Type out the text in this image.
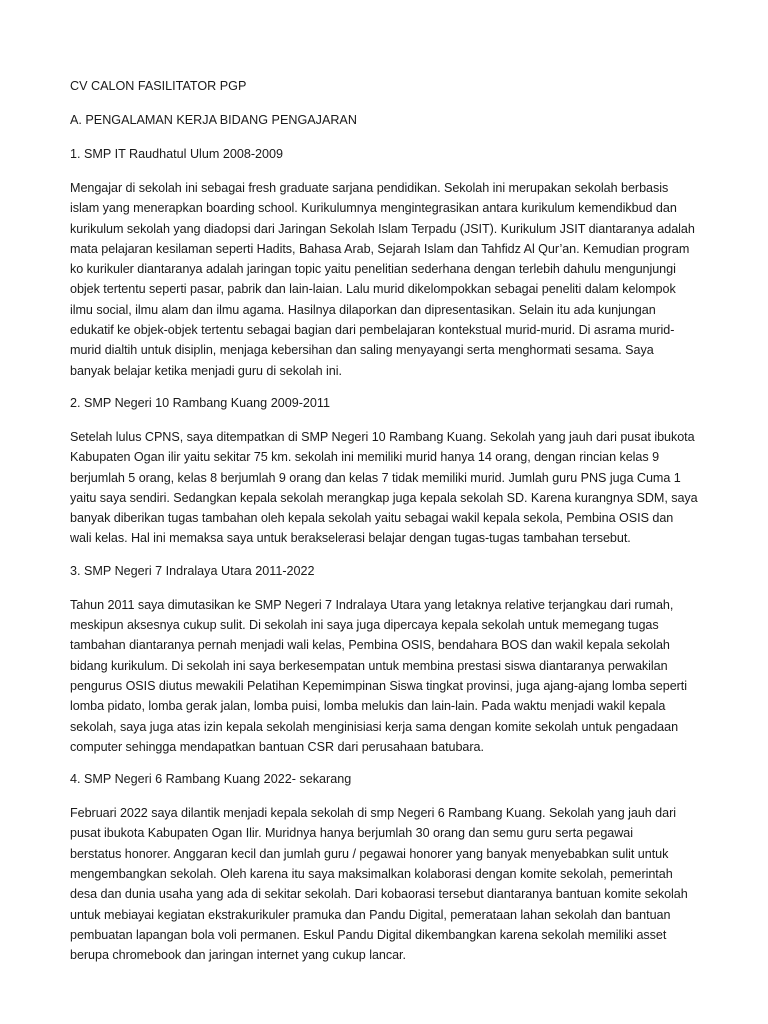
CV CALON FASILITATOR PGP

A. PENGALAMAN KERJA BIDANG PENGAJARAN

1. SMP IT Raudhatul Ulum 2008-2009

Mengajar di sekolah ini sebagai fresh graduate sarjana pendidikan. Sekolah ini merupakan sekolah berbasis

islam yang menerapkan boarding school. Kurikulumnya mengintegrasikan antara kurikulum kemendikbud dan

kurikulum sekolah yang diadopsi dari Jaringan Sekolah Islam Terpadu (JSIT). Kurikulum JSIT diantaranya adalah

mata pelajaran kesilaman seperti Hadits, Bahasa Arab, Sejarah Islam dan Tahfidz Al Qur’an. Kemudian program

ko kurikuler diantaranya adalah jaringan topic yaitu penelitian sederhana dengan terlebih dahulu mengunjungi

objek tertentu seperti pasar, pabrik dan lain-laian. Lalu murid dikelompokkan sebagai peneliti dalam kelompok

ilmu social, ilmu alam dan ilmu agama. Hasilnya dilaporkan dan dipresentasikan. Selain itu ada kunjungan

edukatif ke objek-objek tertentu sebagai bagian dari pembelajaran kontekstual murid-murid. Di asrama murid-

murid dialtih untuk disiplin, menjaga kebersihan dan saling menyayangi serta menghormati sesama. Saya

banyak belajar ketika menjadi guru di sekolah ini.

2. SMP Negeri 10 Rambang Kuang 2009-2011

Setelah lulus CPNS, saya ditempatkan di SMP Negeri 10 Rambang Kuang. Sekolah yang jauh dari pusat ibukota

Kabupaten Ogan ilir yaitu sekitar 75 km. sekolah ini memiliki murid hanya 14 orang, dengan rincian kelas 9

berjumlah 5 orang, kelas 8 berjumlah 9 orang dan kelas 7 tidak memiliki murid. Jumlah guru PNS juga Cuma 1

yaitu saya sendiri. Sedangkan kepala sekolah merangkap juga kepala sekolah SD. Karena kurangnya SDM, saya

banyak diberikan tugas tambahan oleh kepala sekolah yaitu sebagai wakil kepala sekola, Pembina OSIS dan

wali kelas. Hal ini memaksa saya untuk berakselerasi belajar dengan tugas-tugas tambahan tersebut.

3. SMP Negeri 7 Indralaya Utara 2011-2022

Tahun 2011 saya dimutasikan ke SMP Negeri 7 Indralaya Utara yang letaknya relative terjangkau dari rumah,

meskipun aksesnya cukup sulit. Di sekolah ini saya juga dipercaya kepala sekolah untuk memegang tugas

tambahan diantaranya pernah menjadi wali kelas, Pembina OSIS, bendahara BOS dan wakil kepala sekolah

bidang kurikulum. Di sekolah ini saya berkesempatan untuk membina prestasi siswa diantaranya perwakilan

pengurus OSIS diutus mewakili Pelatihan Kepemimpinan Siswa tingkat provinsi, juga ajang-ajang lomba seperti

lomba pidato, lomba gerak jalan, lomba puisi, lomba melukis dan lain-lain. Pada waktu menjadi wakil kepala

sekolah, saya juga atas izin kepala sekolah menginisiasi kerja sama dengan komite sekolah untuk pengadaan

computer sehingga mendapatkan bantuan CSR dari perusahaan batubara.

4. SMP Negeri 6 Rambang Kuang 2022- sekarang

Februari 2022 saya dilantik menjadi kepala sekolah di smp Negeri 6 Rambang Kuang. Sekolah yang jauh dari

pusat ibukota Kabupaten Ogan Ilir. Muridnya hanya berjumlah 30 orang dan semu guru serta pegawai

berstatus honorer. Anggaran kecil dan jumlah guru / pegawai honorer yang banyak menyebabkan sulit untuk

mengembangkan sekolah. Oleh karena itu saya maksimalkan kolaborasi dengan komite sekolah, pemerintah

desa dan dunia usaha yang ada di sekitar sekolah. Dari kobaorasi tersebut diantaranya bantuan komite sekolah

untuk mebiayai kegiatan ekstrakurikuler pramuka dan Pandu Digital, pemerataan lahan sekolah dan bantuan

pembuatan lapangan bola voli permanen. Eskul Pandu Digital dikembangkan karena sekolah memiliki asset

berupa chromebook dan jaringan internet yang cukup lancar.
